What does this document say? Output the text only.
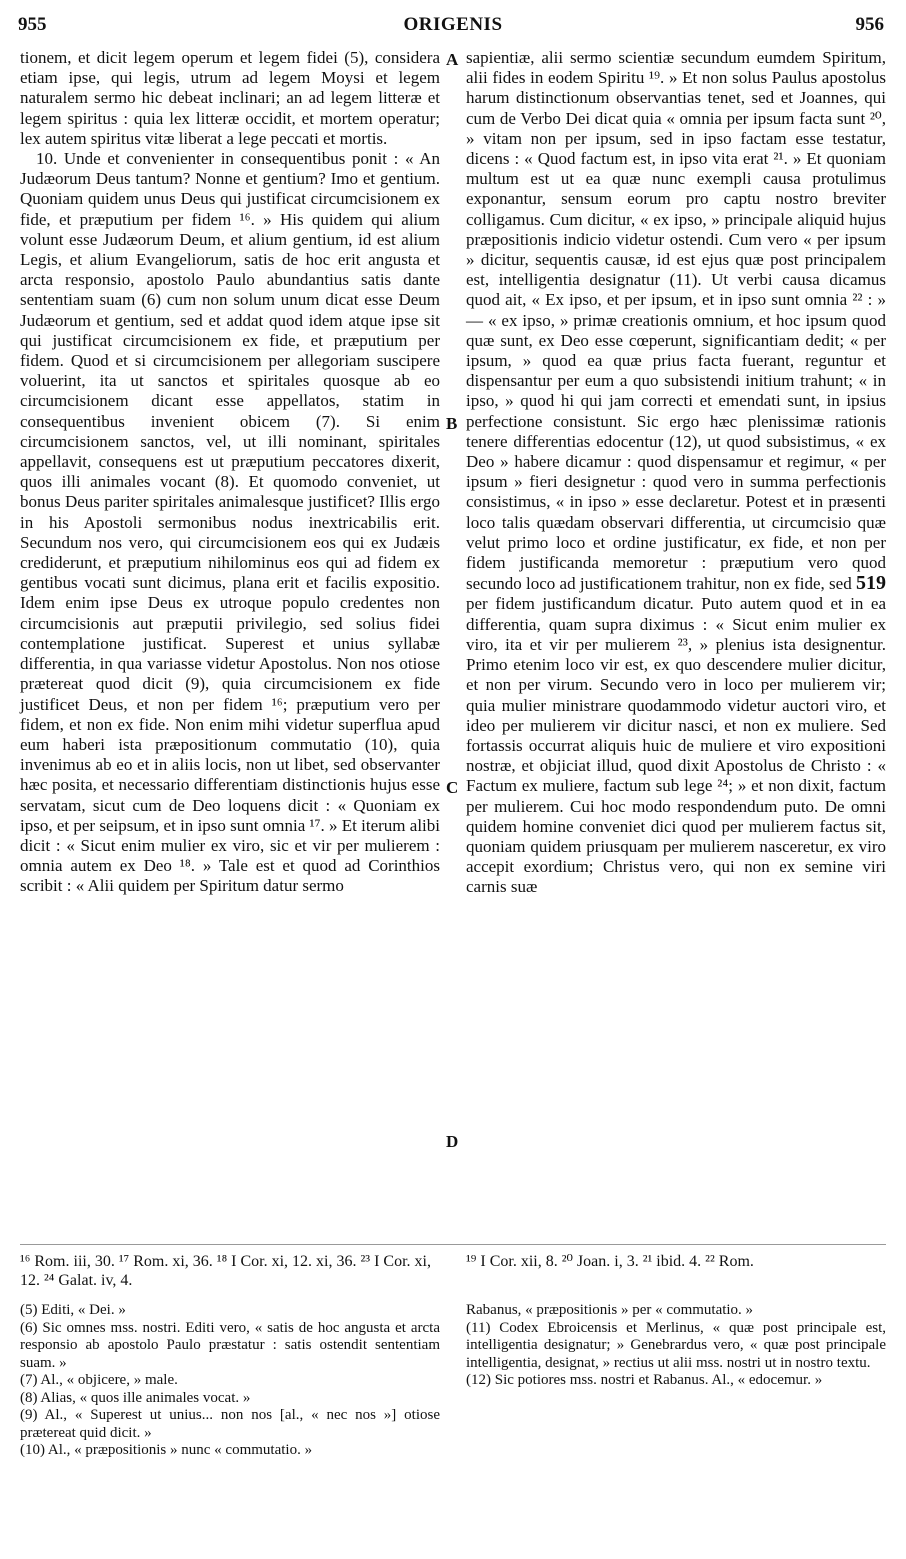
955	ORIGENIS	956

tionem, et dicit legem operum et legem fidei (5), considera etiam ipse, qui legis, utrum ad legem Moysi et legem naturalem sermo hic debeat inclinari; an ad legem litteræ et legem spiritus : quia lex litteræ occidit, et mortem operatur; lex autem spiritus vitæ liberat a lege peccati et mortis.

10. Unde et convenienter in consequentibus ponit : « An Judæorum Deus tantum? Nonne et gentium? Imo et gentium. Quoniam quidem unus Deus qui justificat circumcisionem ex fide, et præputium per fidem ¹⁶. » His quidem qui alium volunt esse Judæorum Deum, et alium gentium, id est alium Legis, et alium Evangeliorum, satis de hoc erit angusta et arcta responsio, apostolo Paulo abundantius satis dante sententiam suam (6) cum non solum unum dicat esse Deum Judæorum et gentium, sed et addat quod idem atque ipse sit qui justificat circumcisionem ex fide, et præputium per fidem. Quod et si circumcisionem per allegoriam suscipere voluerint, ita ut sanctos et spiritales quosque ab eo circumcisionem dicant esse appellatos, statim in consequentibus invenient obicem (7). Si enim circumcisionem sanctos, vel, ut illi nominant, spiritales appellavit, consequens est ut præputium peccatores dixerit, quos illi animales vocant (8). Et quomodo conveniet, ut bonus Deus pariter spiritales animalesque justificet? Illis ergo in his Apostoli sermonibus nodus inextricabilis erit. Secundum nos vero, qui circumcisionem eos qui ex Judæis crediderunt, et præputium nihilominus eos qui ad fidem ex gentibus vocati sunt dicimus, plana erit et facilis expositio. Idem enim ipse Deus ex utroque populo credentes non circumcisionis aut præputii privilegio, sed solius fidei contemplatione justificat. Superest et unius syllabæ differentia, in qua variasse videtur Apostolus. Non nos otiose prætereat quod dicit (9), quia circumcisionem ex fide justificet Deus, et non per fidem ¹⁶; præputium vero per fidem, et non ex fide. Non enim mihi videtur superflua apud eum haberi ista præpositionum commutatio (10), quia invenimus ab eo et in aliis locis, non ut libet, sed observanter hæc posita, et necessario differentiam distinctionis hujus esse servatam, sicut cum de Deo loquens dicit : « Quoniam ex ipso, et per seipsum, et in ipso sunt omnia ¹⁷. » Et iterum alibi dicit : « Sicut enim mulier ex viro, sic et vir per mulierem : omnia autem ex Deo ¹⁸. » Tale est et quod ad Corinthios scribit : « Alii quidem per Spiritum datur sermo

A
B
C
D

sapientiæ, alii sermo scientiæ secundum eumdem Spiritum, alii fides in eodem Spiritu ¹⁹. » Et non solus Paulus apostolus harum distinctionum observantias tenet, sed et Joannes, qui cum de Verbo Dei dicat quia « omnia per ipsum facta sunt ²⁰, » vitam non per ipsum, sed in ipso factam esse testatur, dicens : « Quod factum est, in ipso vita erat ²¹. » Et quoniam multum est ut ea quæ nunc exempli causa protulimus exponantur, sensum eorum pro captu nostro breviter colligamus. Cum dicitur, « ex ipso, » principale aliquid hujus præpositionis indicio videtur ostendi. Cum vero « per ipsum » dicitur, sequentis causæ, id est ejus quæ post principalem est, intelligentia designatur (11). Ut verbi causa dicamus quod ait, « Ex ipso, et per ipsum, et in ipso sunt omnia ²² : » — « ex ipso, » primæ creationis omnium, et hoc ipsum quod quæ sunt, ex Deo esse cœperunt, significantiam dedit; « per ipsum, » quod ea quæ prius facta fuerant, reguntur et dispensantur per eum a quo subsistendi initium trahunt; « in ipso, » quod hi qui jam correcti et emendati sunt, in ipsius perfectione consistunt. Sic ergo hæc plenissimæ rationis tenere differentias edocentur (12), ut quod subsistimus, « ex Deo » habere dicamur : quod dispensamur et regimur, « per ipsum » fieri designetur : quod vero in summa perfectionis consistimus, « in ipso » esse declaretur. Potest et in præsenti loco talis quædam observari differentia, ut circumcisio quæ velut primo loco et ordine justificatur, ex fide, et non per fidem justificanda memoretur : præputium vero quod secundo loco ad justificationem trahitur, non ex fide, sed 519 per fidem justificandum dicatur. Puto autem quod et in ea differentia, quam supra diximus : « Sicut enim mulier ex viro, ita et vir per mulierem ²³, » plenius ista designentur. Primo etenim loco vir est, ex quo descendere mulier dicitur, et non per virum. Secundo vero in loco per mulierem vir; quia mulier ministrare quodammodo videtur auctori viro, et ideo per mulierem vir dicitur nasci, et non ex muliere. Sed fortassis occurrat aliquis huic de muliere et viro expositioni nostræ, et objiciat illud, quod dixit Apostolus de Christo : « Factum ex muliere, factum sub lege ²⁴; » et non dixit, factum per mulierem. Cui hoc modo respondendum puto. De omni quidem homine conveniet dici quod per mulierem factus sit, quoniam quidem priusquam per mulierem nasceretur, ex viro accepit exordium; Christus vero, qui non ex semine viri carnis suæ

¹⁶ Rom. iii, 30. ¹⁷ Rom. xi, 36. ¹⁸ I Cor. xi, 12. xi, 36. ²³ I Cor. xi, 12. ²⁴ Galat. iv, 4.
¹⁹ I Cor. xii, 8. ²⁰ Joan. i, 3. ²¹ ibid. 4. ²² Rom.
(5) Editi, « Dei. »
(6) Sic omnes mss. nostri. Editi vero, « satis de hoc angusta et arcta responsio ab apostolo Paulo præstatur : satis ostendit sententiam suam. »
(7) Al., « objicere, » male.
(8) Alias, « quos ille animales vocat. »
(9) Al., « Superest ut unius... non nos [al., « nec nos »] otiose prætereat quid dicit. »
(10) Al., « præpositionis » nunc « commutatio. »
Rabanus, « præpositionis » per « commutatio. »
(11) Codex Ebroicensis et Merlinus, « quæ post principale est, intelligentia designatur; » Genebrardus vero, « quæ post principale intelligentia, designat, » rectius ut alii mss. nostri ut in nostro textu.
(12) Sic potiores mss. nostri et Rabanus. Al., « edocemur. »
